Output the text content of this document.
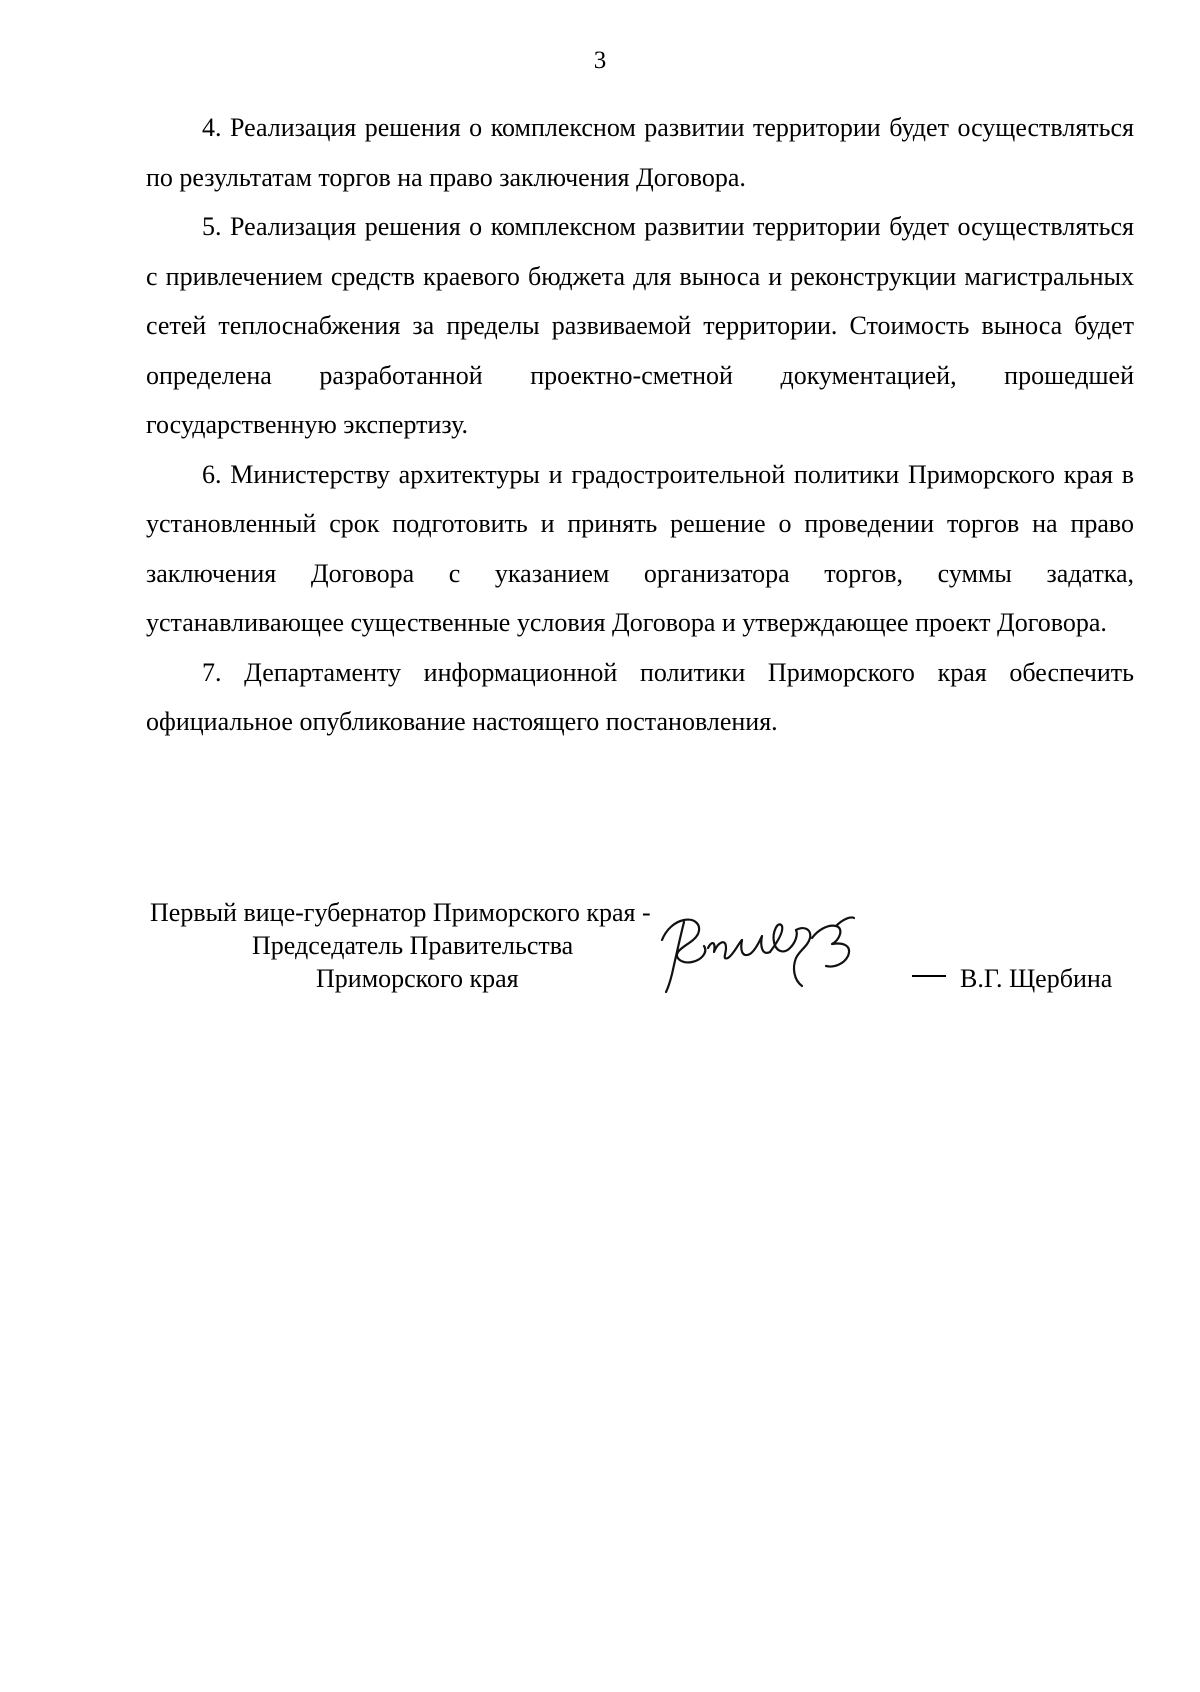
3

4. Реализация решения о комплексном развитии территории будет осуществляться по результатам торгов на право заключения Договора.

5. Реализация решения о комплексном развитии территории будет осуществляться с привлечением средств краевого бюджета для выноса и реконструкции магистральных сетей теплоснабжения за пределы развиваемой территории. Стоимость выноса будет определена разработанной проектно-сметной документацией, прошедшей государственную экспертизу.

6. Министерству архитектуры и градостроительной политики Приморского края в установленный срок подготовить и принять решение о проведении торгов на право заключения Договора с указанием организатора торгов, суммы задатка, устанавливающее существенные условия Договора и утверждающее проект Договора.

7. Департаменту информационной политики Приморского края обеспечить официальное опубликование настоящего постановления.

Первый вице-губернатор Приморского края -
Председатель Правительства
Приморского края	В.Г. Щербина
